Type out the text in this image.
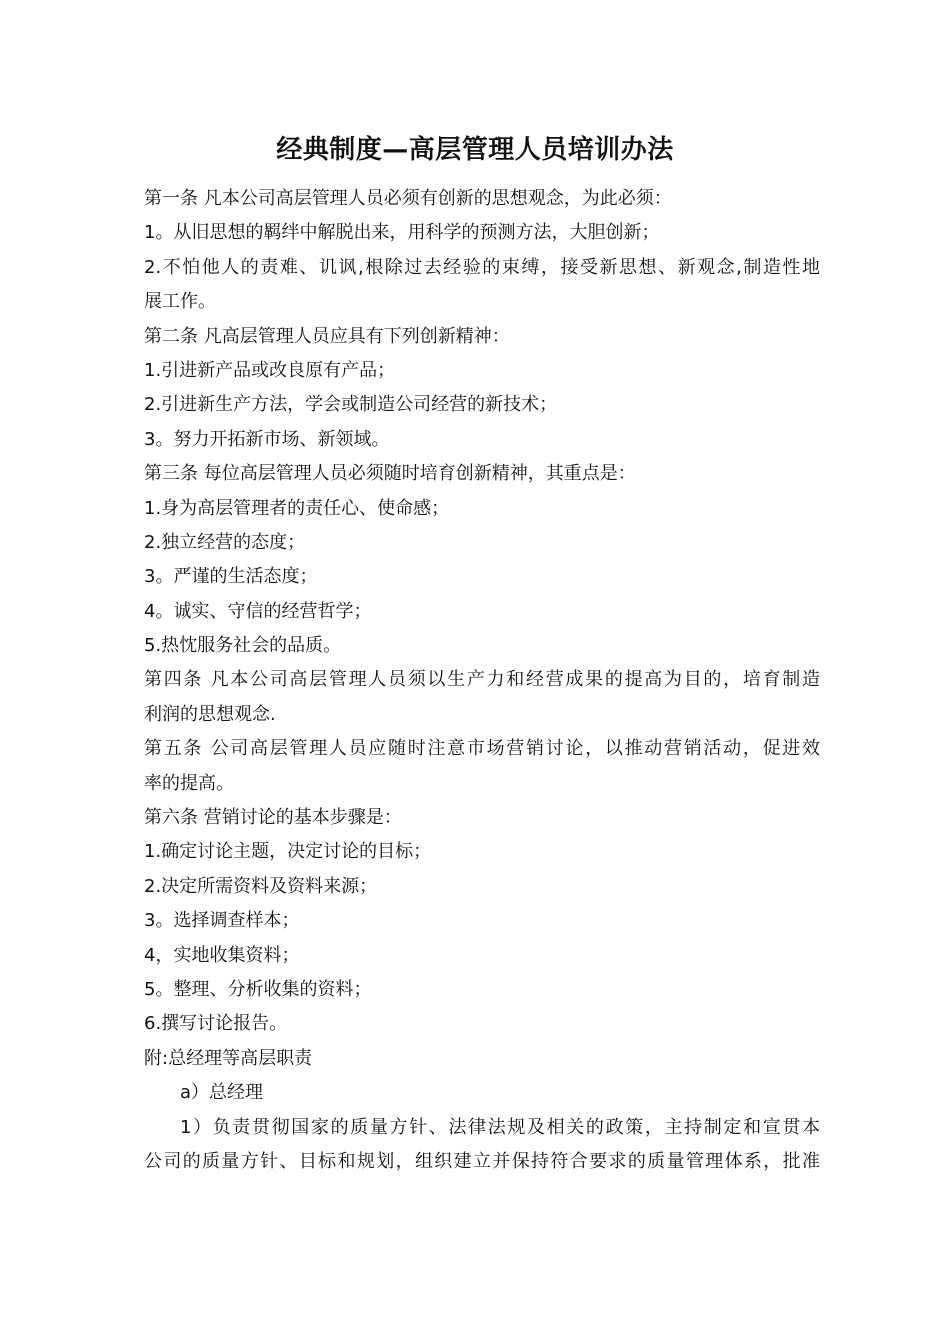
经典制度—高层管理人员培训办法
第一条 凡本公司高层管理人员必须有创新的思想观念，为此必须：
1。从旧思想的羁绊中解脱出来，用科学的预测方法，大胆创新；
2.不怕他人的责难、讥讽,根除过去经验的束缚，接受新思想、新观念,制造性地
展工作。
第二条 凡高层管理人员应具有下列创新精神：
1.引进新产品或改良原有产品；
2.引进新生产方法，学会或制造公司经营的新技术；
3。努力开拓新市场、新领域。
第三条 每位高层管理人员必须随时培育创新精神，其重点是：
1.身为高层管理者的责任心、使命感；
2.独立经营的态度；
3。严谨的生活态度；
4。诚实、守信的经营哲学；
5.热忱服务社会的品质。
第四条 凡本公司高层管理人员须以生产力和经营成果的提高为目的，培育制造
利润的思想观念.
第五条 公司高层管理人员应随时注意市场营销讨论，以推动营销活动，促进效
率的提高。
第六条 营销讨论的基本步骤是：
1.确定讨论主题，决定讨论的目标；
2.决定所需资料及资料来源；
3。选择调查样本；
4，实地收集资料；
5。整理、分析收集的资料；
6.撰写讨论报告。
附:总经理等高层职责
a）总经理
1）负责贯彻国家的质量方针、法律法规及相关的政策，主持制定和宣贯本
公司的质量方针、目标和规划，组织建立并保持符合要求的质量管理体系，批准
